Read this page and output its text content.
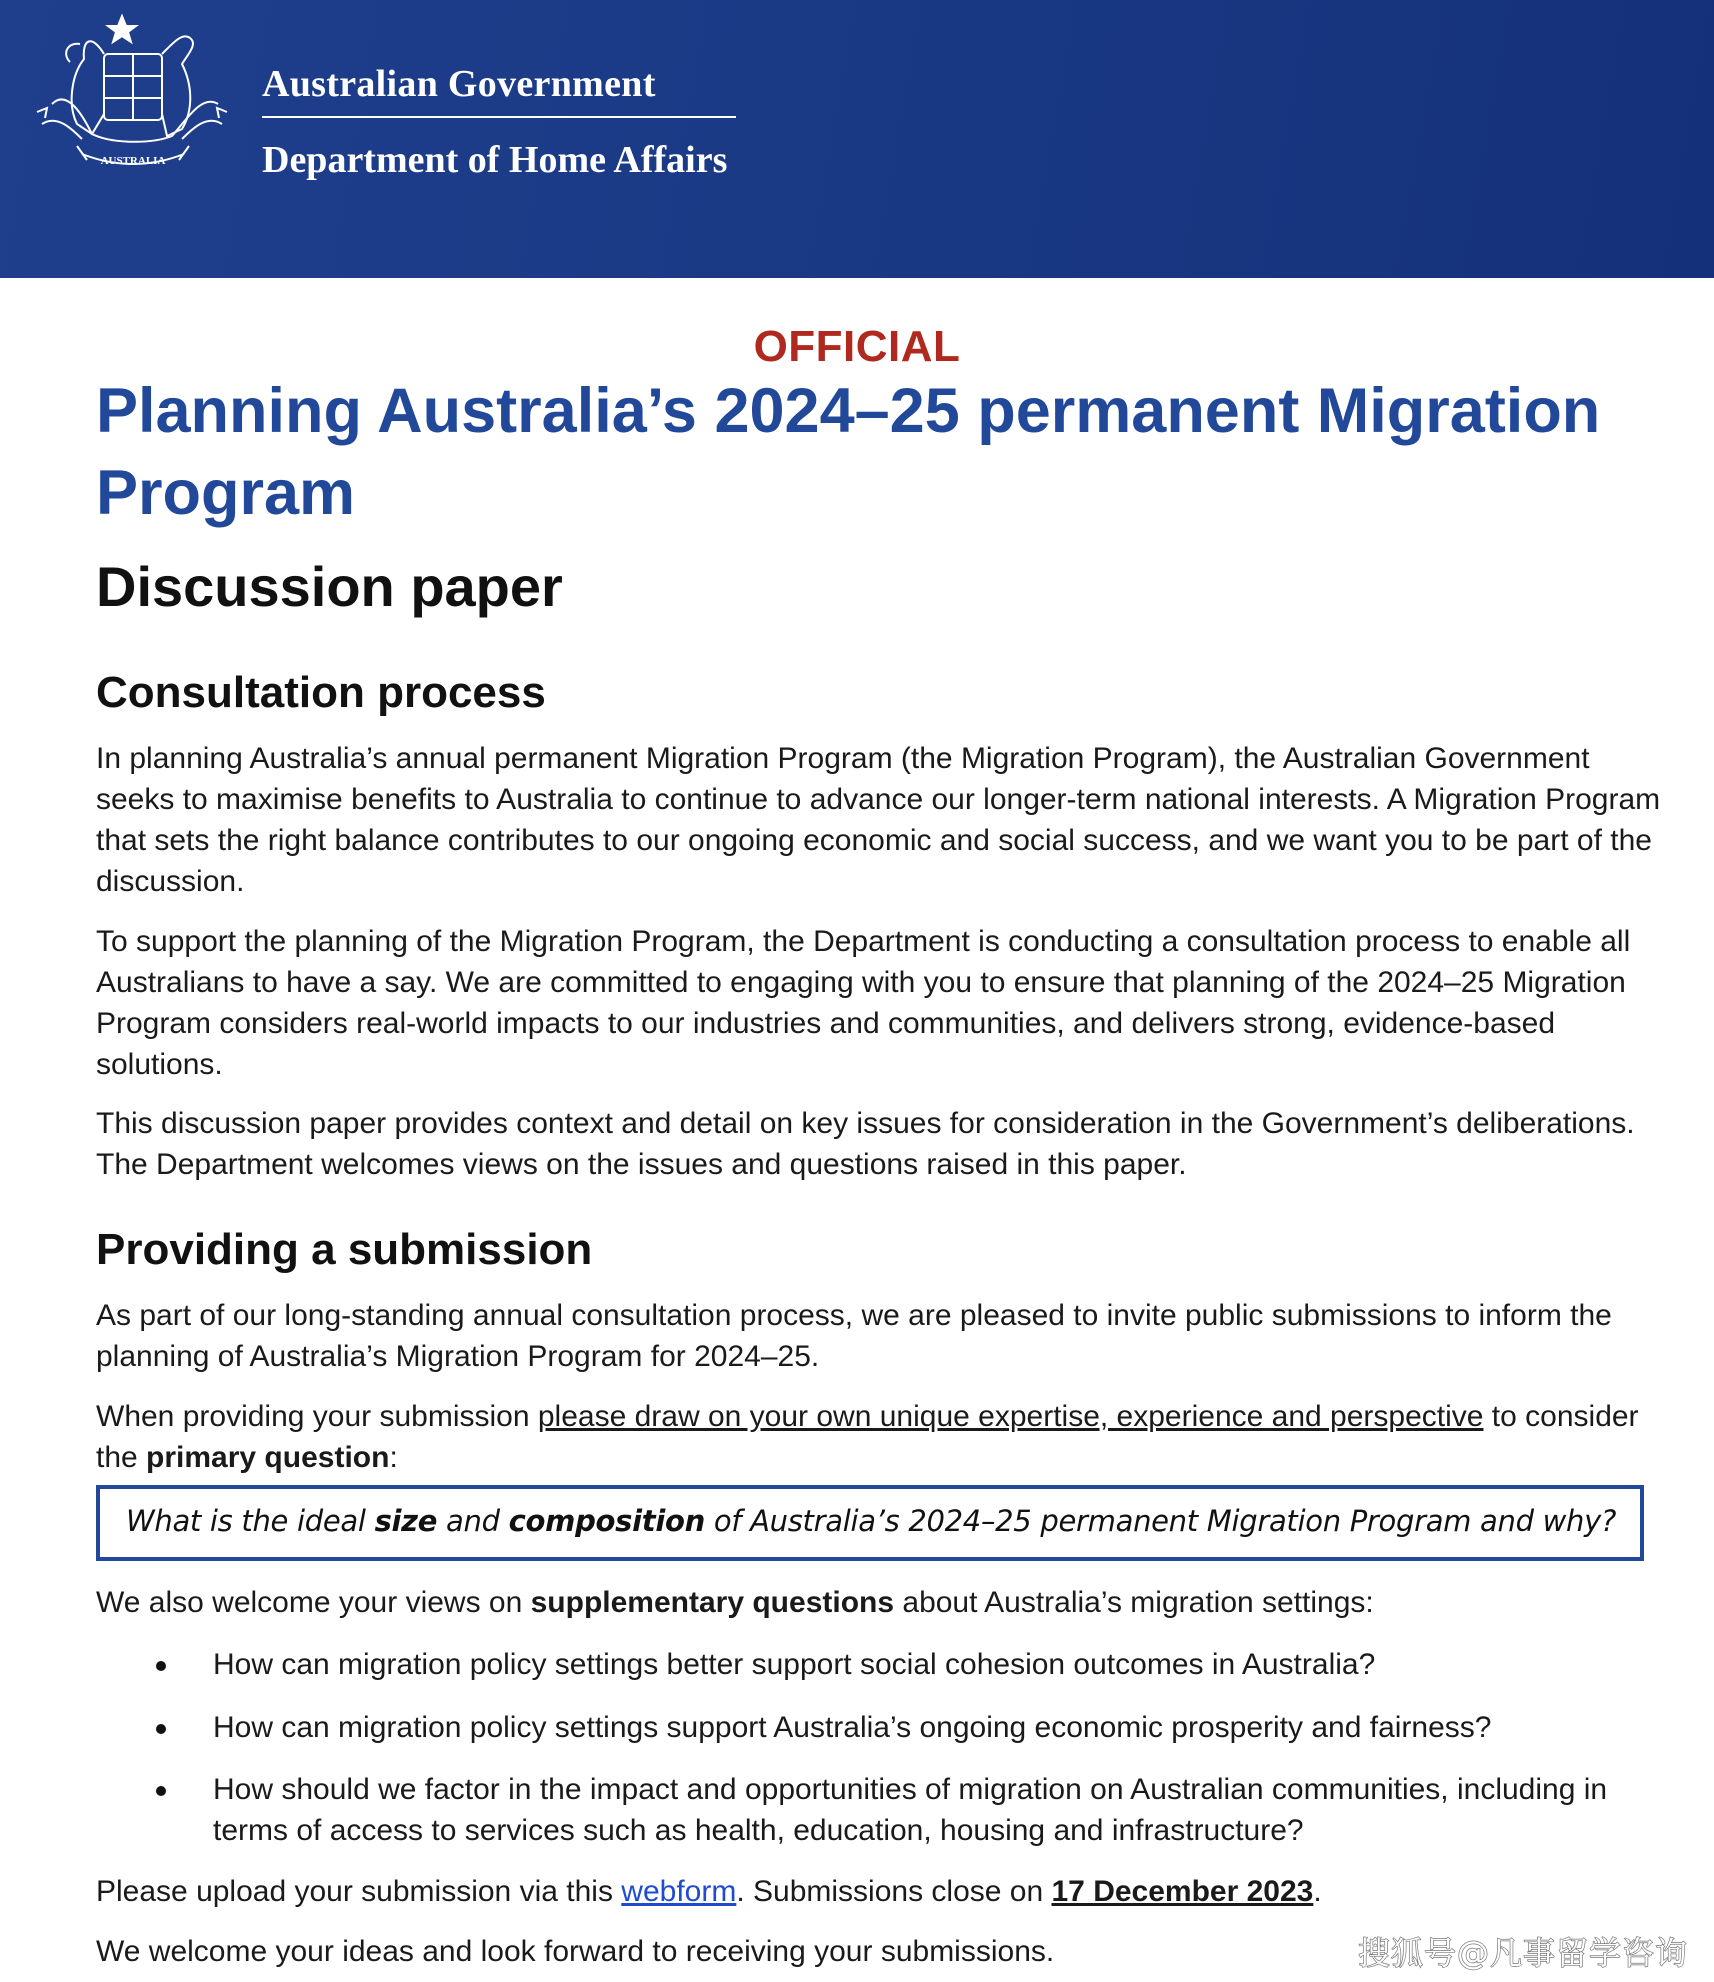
AUSTRALIA
Australian Government
Department of Home Affairs
OFFICIAL
Planning Australia’s 2024–25 permanent Migration Program
Discussion paper
Consultation process

In planning Australia’s annual permanent Migration Program (the Migration Program), the Australian Government seeks to maximise benefits to Australia to continue to advance our longer-term national interests. A Migration Program that sets the right balance contributes to our ongoing economic and social success, and we want you to be part of the discussion.

To support the planning of the Migration Program, the Department is conducting a consultation process to enable all Australians to have a say. We are committed to engaging with you to ensure that planning of the 2024–25 Migration Program considers real-world impacts to our industries and communities, and delivers strong, evidence-based solutions.

This discussion paper provides context and detail on key issues for consideration in the Government’s deliberations. The Department welcomes views on the issues and questions raised in this paper.

Providing a submission

As part of our long-standing annual consultation process, we are pleased to invite public submissions to inform the planning of Australia’s Migration Program for 2024–25.

When providing your submission please draw on your own unique expertise, experience and perspective to consider the primary question:

What is the ideal size and composition of Australia’s 2024–25 permanent Migration Program and why?

We also welcome your views on supplementary questions about Australia’s migration settings:

How can migration policy settings better support social cohesion outcomes in Australia?
How can migration policy settings support Australia’s ongoing economic prosperity and fairness?
How should we factor in the impact and opportunities of migration on Australian communities, including in terms of access to services such as health, education, housing and infrastructure?

Please upload your submission via this webform. Submissions close on 17 December 2023.

We welcome your ideas and look forward to receiving your submissions.	搜狐号@凡事留学咨询
